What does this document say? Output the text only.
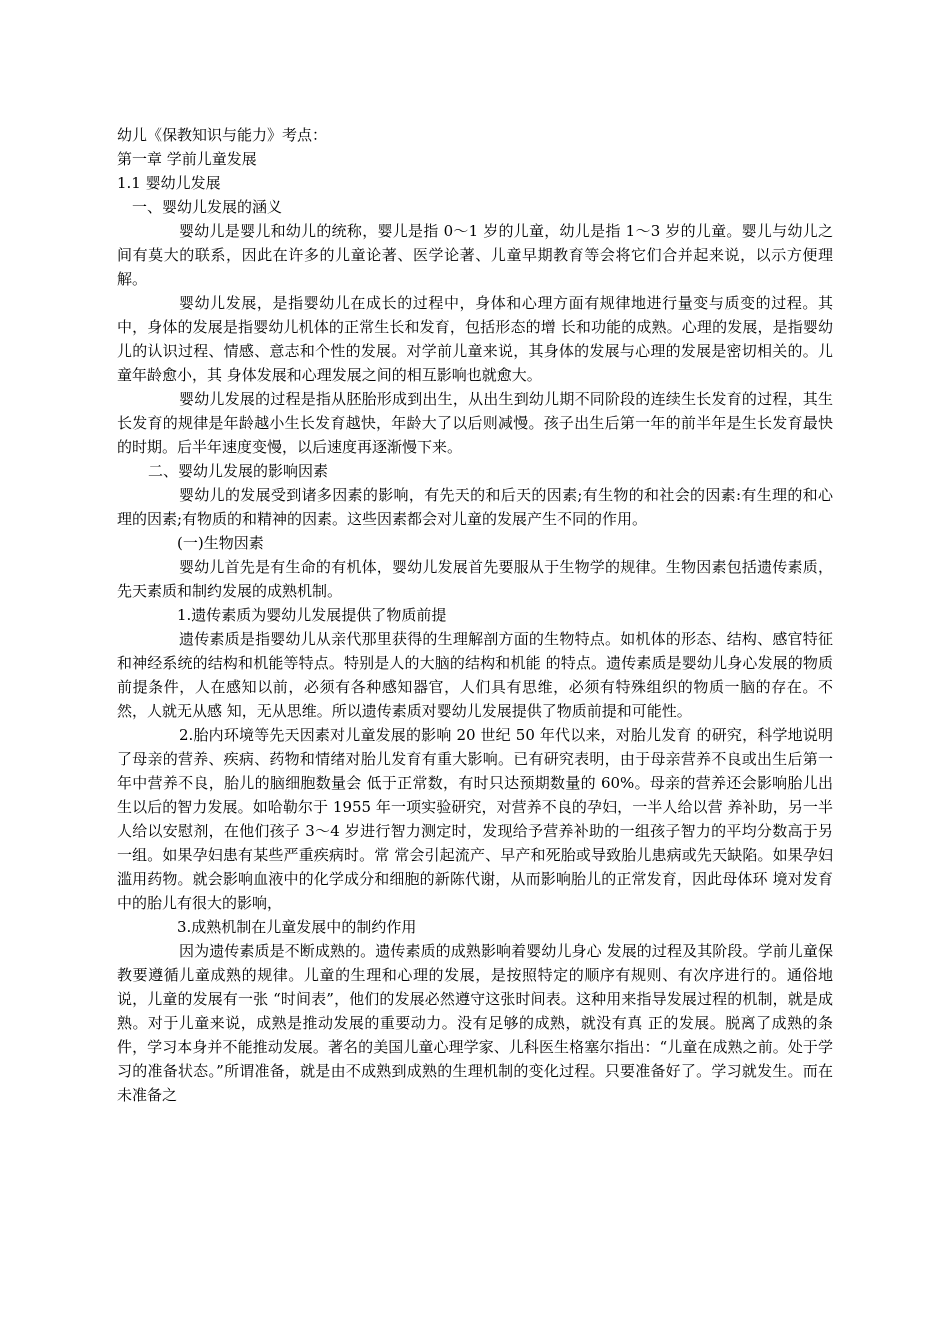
幼儿《保教知识与能力》考点：

第一章 学前儿童发展

1.1 婴幼儿发展

一、婴幼儿发展的涵义

婴幼儿是婴儿和幼儿的统称，婴儿是指 0～1 岁的儿童，幼儿是指 1～3 岁的儿童。婴儿与幼儿之间有莫大的联系，因此在许多的儿童论著、医学论著、儿童早期教育等会将它们合并起来说，以示方便理解。

婴幼儿发展，是指婴幼儿在成长的过程中，身体和心理方面有规律地进行量变与质变的过程。其中，身体的发展是指婴幼儿机体的正常生长和发育，包括形态的增 长和功能的成熟。心理的发展，是指婴幼儿的认识过程、情感、意志和个性的发展。对学前儿童来说，其身体的发展与心理的发展是密切相关的。儿童年龄愈小，其 身体发展和心理发展之间的相互影响也就愈大。

婴幼儿发展的过程是指从胚胎形成到出生，从出生到幼儿期不同阶段的连续生长发育的过程，其生长发育的规律是年龄越小生长发育越快，年龄大了以后则减慢。孩子出生后第一年的前半年是生长发育最快的时期。后半年速度变慢，以后速度再逐渐慢下来。

二、婴幼儿发展的影响因素

婴幼儿的发展受到诸多因素的影响，有先天的和后天的因素;有生物的和社会的因素:有生理的和心理的因素;有物质的和精神的因素。这些因素都会对儿童的发展产生不同的作用。

(一)生物因素

婴幼儿首先是有生命的有机体，婴幼儿发展首先要服从于生物学的规律。生物因素包括遗传素质，先天素质和制约发展的成熟机制。

1.遗传素质为婴幼儿发展提供了物质前提

遗传素质是指婴幼儿从亲代那里获得的生理解剖方面的生物特点。如机体的形态、结构、感官特征和神经系统的结构和机能等特点。特别是人的大脑的结构和机能 的特点。遗传素质是婴幼儿身心发展的物质前提条件，人在感知以前，必须有各种感知器官，人们具有思维，必须有特殊组织的物质一脑的存在。不然，人就无从感 知，无从思维。所以遗传素质对婴幼儿发展提供了物质前提和可能性。

2.胎内环境等先天因素对儿童发展的影响 20 世纪 50 年代以来，对胎儿发育 的研究，科学地说明了母亲的营养、疾病、药物和情绪对胎儿发育有重大影响。已有研究表明，由于母亲营养不良或出生后第一年中营养不良，胎儿的脑细胞数量会 低于正常数，有时只达预期数量的 60%。母亲的营养还会影响胎儿出生以后的智力发展。如哈勒尔于 1955 年一项实验研究，对营养不良的孕妇，一半人给以营 养补助，另一半人给以安慰剂，在他们孩子 3～4 岁进行智力测定时，发现给予营养补助的一组孩子智力的平均分数高于另一组。如果孕妇患有某些严重疾病时。常 常会引起流产、早产和死胎或导致胎儿患病或先天缺陷。如果孕妇滥用药物。就会影响血液中的化学成分和细胞的新陈代谢，从而影响胎儿的正常发育，因此母体环 境对发育中的胎儿有很大的影响，

3.成熟机制在儿童发展中的制约作用

因为遗传素质是不断成熟的。遗传素质的成熟影响着婴幼儿身心 发展的过程及其阶段。学前儿童保教要遵循儿童成熟的规律。儿童的生理和心理的发展，是按照特定的顺序有规则、有次序进行的。通俗地说，儿童的发展有一张 “时间表”，他们的发展必然遵守这张时间表。这种用来指导发展过程的机制，就是成熟。对于儿童来说，成熟是推动发展的重要动力。没有足够的成熟，就没有真 正的发展。脱离了成熟的条件，学习本身并不能推动发展。著名的美国儿童心理学家、儿科医生格塞尔指出：“儿童在成熟之前。处于学习的准备状态。”所谓准备，就是由不成熟到成熟的生理机制的变化过程。只要准备好了。学习就发生。而在未准备之
